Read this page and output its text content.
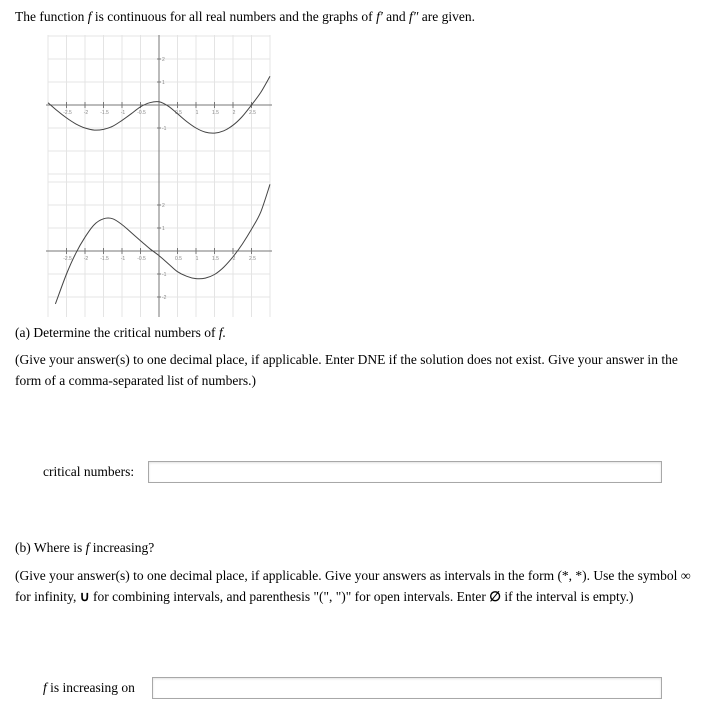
The function f is continuous for all real numbers and the graphs of f′ and f″ are given.
-2.5 -2 -1.5 -1 -0.5	0.5	1	1.5	2	2.5
-1
1
2
-2.5 -2 -1.5 -1 -0.5	0.5	1	1.5	2	2.5
-1
-2
1
2
(a) Determine the critical numbers of f.
(Give your answer(s) to one decimal place, if applicable. Enter DNE if the solution does not exist. Give your answer in the form of a comma-separated list of numbers.)
critical numbers:
(b) Where is f increasing?
(Give your answer(s) to one decimal place, if applicable. Give your answers as intervals in the form (*, *). Use the symbol ∞ for infinity, ∪ for combining intervals, and parenthesis "(", ")" for open intervals. Enter ∅ if the interval is empty.)
f is increasing on
